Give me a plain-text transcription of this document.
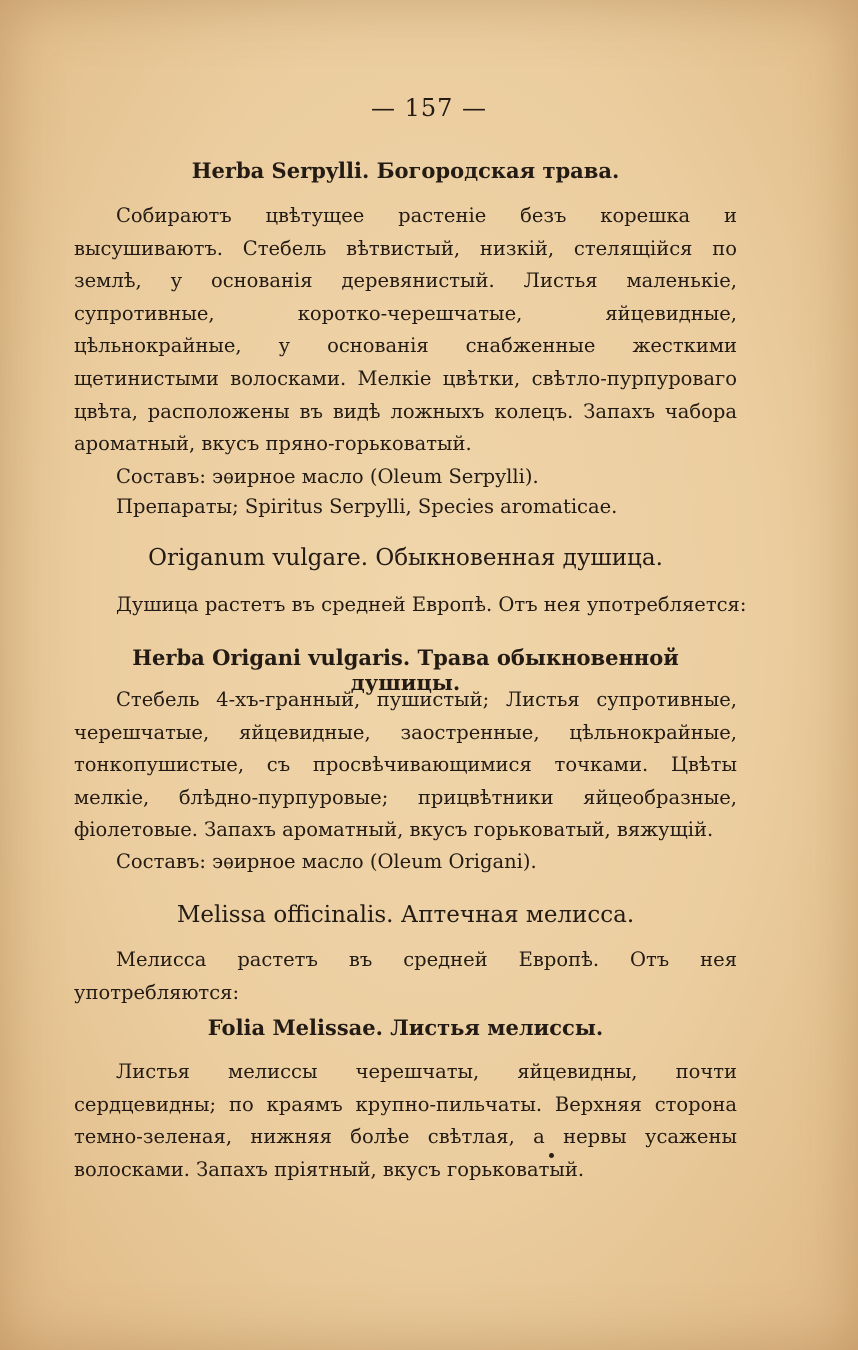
— 157 —
Herba Serpylli. Богородская трава.

Собираютъ цвѣтущее растеніе безъ корешка и высушиваютъ. Стебель вѣтвистый, низкій, стелящійся по землѣ, у основанія деревянистый. Листья маленькіе, супротивные, коротко-черешчатые, яйцевидные, цѣльнокрайные, у основанія снабженные жесткими щетинистыми волосками. Мелкіе цвѣтки, свѣтло-пурпуроваго цвѣта, расположены въ видѣ ложныхъ колецъ. Запахъ чабора ароматный, вкусъ пряно-горьковатый.

Составъ: эѳирное масло (Oleum Serpylli).
Препараты; Spiritus Serpylli, Species aromaticae.
Origanum vulgare. Обыкновенная душица.
Душица растетъ въ средней Европѣ. Отъ нея употребляется:
Herba Origani vulgaris. Трава обыкновенной душицы.

Стебель 4-хъ-гранный, пушистый; Листья супротивные, черешчатые, яйцевидные, заостренные, цѣльнокрайные, тонкопушистые, съ просвѣчивающимися точками. Цвѣты мелкіе, блѣдно-пурпуровые; прицвѣтники яйцеобразные, фіолетовые. Запахъ ароматный, вкусъ горьковатый, вяжущій.

Составъ: эѳирное масло (Oleum Origani).
Melissa officinalis. Аптечная мелисса.

Мелисса растетъ въ средней Европѣ. Отъ нея употребляются:

Folia Melissae. Листья мелиссы.

Листья мелиссы черешчаты, яйцевидны, почти сердцевидны; по краямъ крупно-пильчаты. Верхняя сторона темно-зеленая, нижняя болѣе свѣтлая, а нервы усажены волосками. Запахъ пріятный, вкусъ горьковатый.
